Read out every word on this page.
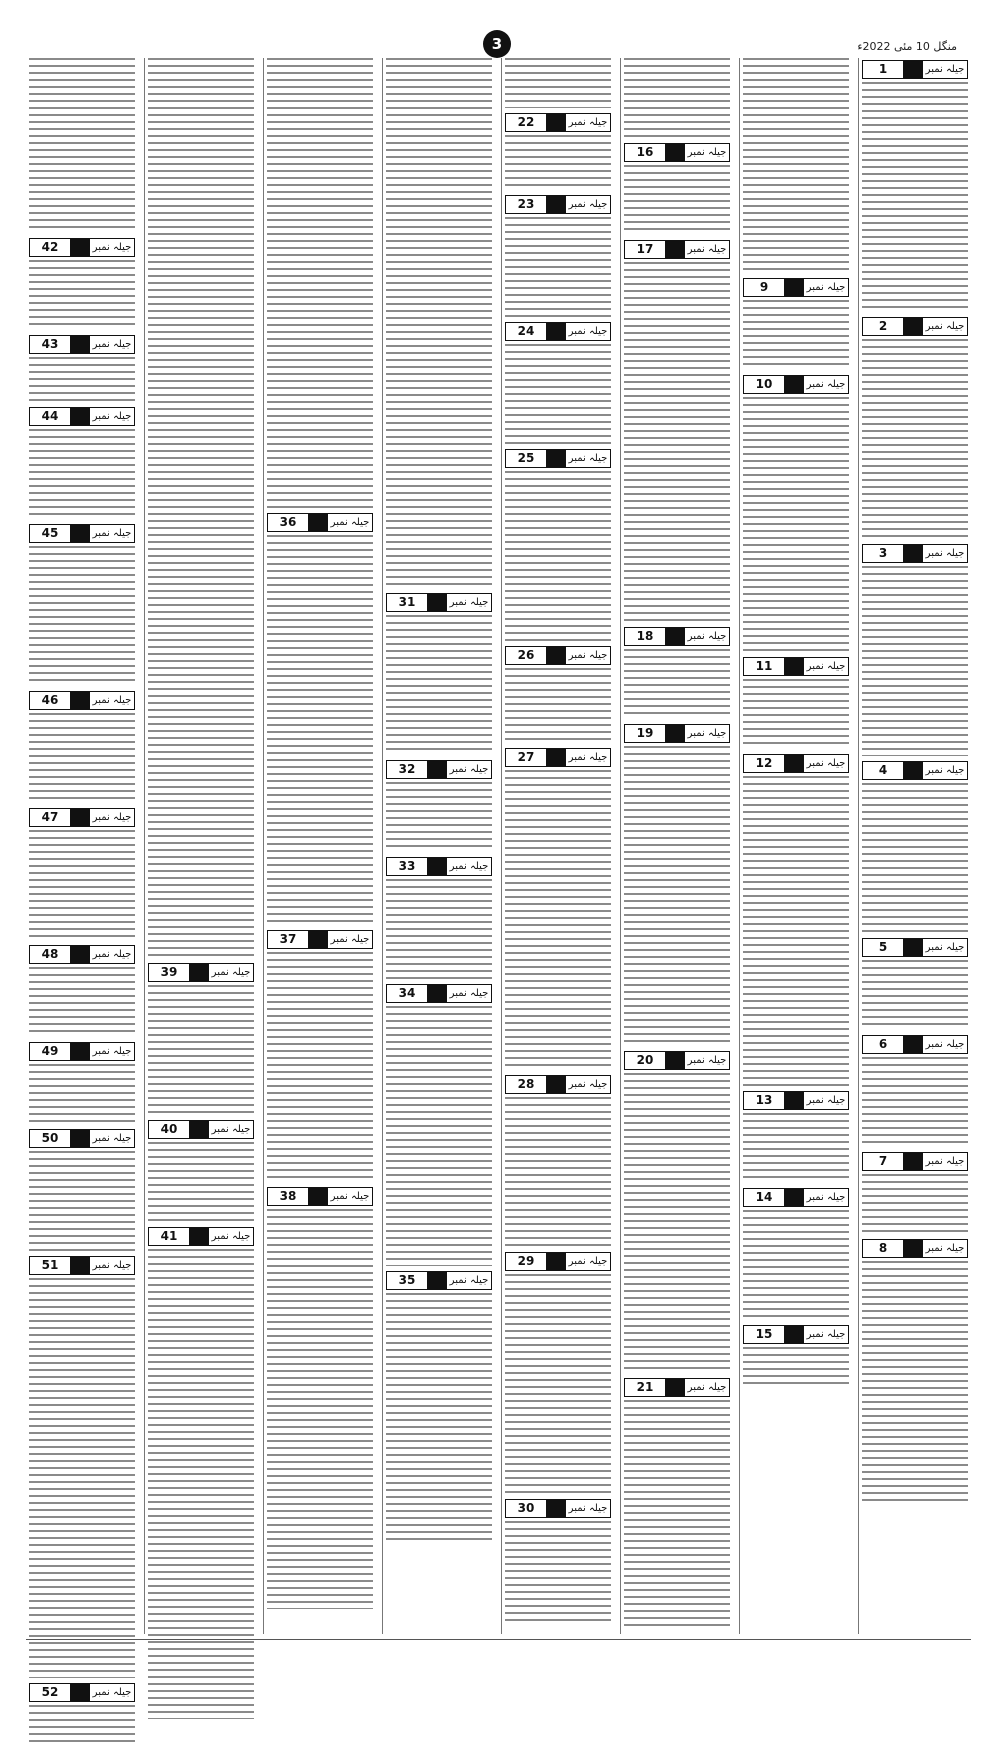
3	منگل 10 مئی 2022ء
1	جیلہ نمبر
2	جیلہ نمبر
3	جیلہ نمبر
4	جیلہ نمبر
5	جیلہ نمبر
6	جیلہ نمبر
7	جیلہ نمبر
8	جیلہ نمبر
9	جیلہ نمبر
10	جیلہ نمبر
11	جیلہ نمبر
12	جیلہ نمبر
13	جیلہ نمبر
14	جیلہ نمبر
15	جیلہ نمبر
16	جیلہ نمبر
17	جیلہ نمبر
18	جیلہ نمبر
19	جیلہ نمبر
20	جیلہ نمبر
21	جیلہ نمبر
22	جیلہ نمبر
23	جیلہ نمبر
24	جیلہ نمبر
25	جیلہ نمبر
26	جیلہ نمبر
27	جیلہ نمبر
28	جیلہ نمبر
29	جیلہ نمبر
30	جیلہ نمبر
31	جیلہ نمبر
32	جیلہ نمبر
33	جیلہ نمبر
34	جیلہ نمبر
35	جیلہ نمبر
36	جیلہ نمبر
37	جیلہ نمبر
38	جیلہ نمبر
39	جیلہ نمبر
40	جیلہ نمبر
41	جیلہ نمبر
42	جیلہ نمبر
43	جیلہ نمبر
44	جیلہ نمبر
45	جیلہ نمبر
46	جیلہ نمبر
47	جیلہ نمبر
48	جیلہ نمبر
49	جیلہ نمبر
50	جیلہ نمبر
51	جیلہ نمبر
52	جیلہ نمبر
